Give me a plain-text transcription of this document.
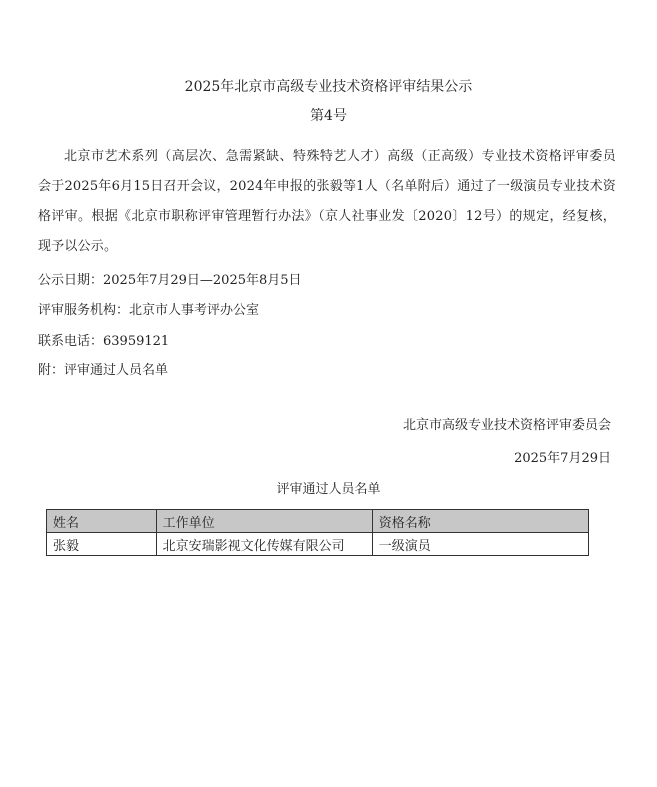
2025年北京市高级专业技术资格评审结果公示
第4号
北京市艺术系列（高层次、急需紧缺、特殊特艺人才）高级（正高级）专业技术资格评审委员会于2025年6月15日召开会议，2024年申报的张毅等1人（名单附后）通过了一级演员专业技术资格评审。根据《北京市职称评审管理暂行办法》（京人社事业发〔2020〕12号）的规定，经复核，现予以公示。
公示日期：2025年7月29日—2025年8月5日
评审服务机构：北京市人事考评办公室
联系电话：63959121
附：评审通过人员名单
北京市高级专业技术资格评审委员会
2025年7月29日
评审通过人员名单
姓名	工作单位	资格名称
张毅	北京安瑞影视文化传媒有限公司	一级演员
